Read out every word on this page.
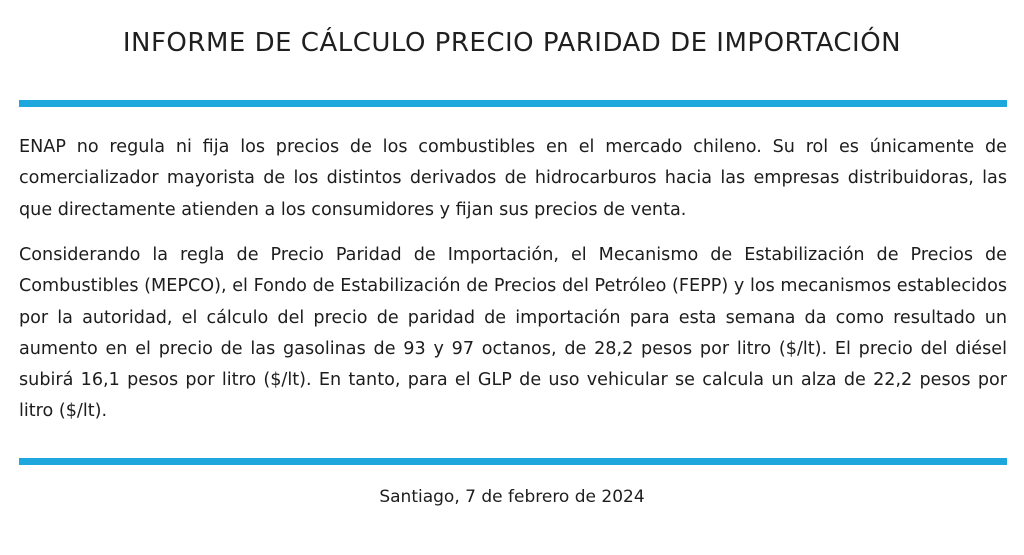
INFORME DE CÁLCULO PRECIO PARIDAD DE IMPORTACIÓN

ENAP no regula ni fija los precios de los combustibles en el mercado chileno. Su rol es únicamente de comercializador mayorista de los distintos derivados de hidrocarburos hacia las empresas distribuidoras, las que directamente atienden a los consumidores y fijan sus precios de venta.

Considerando la regla de Precio Paridad de Importación, el Mecanismo de Estabilización de Precios de Combustibles (MEPCO), el Fondo de Estabilización de Precios del Petróleo (FEPP) y los mecanismos establecidos por la autoridad, el cálculo del precio de paridad de importación para esta semana da como resultado un aumento en el precio de las gasolinas de 93 y 97 octanos, de 28,2 pesos por litro ($/lt). El precio del diésel subirá 16,1 pesos por litro ($/lt). En tanto, para el GLP de uso vehicular se calcula un alza de 22,2 pesos por litro ($/lt).

Santiago, 7 de febrero de 2024
